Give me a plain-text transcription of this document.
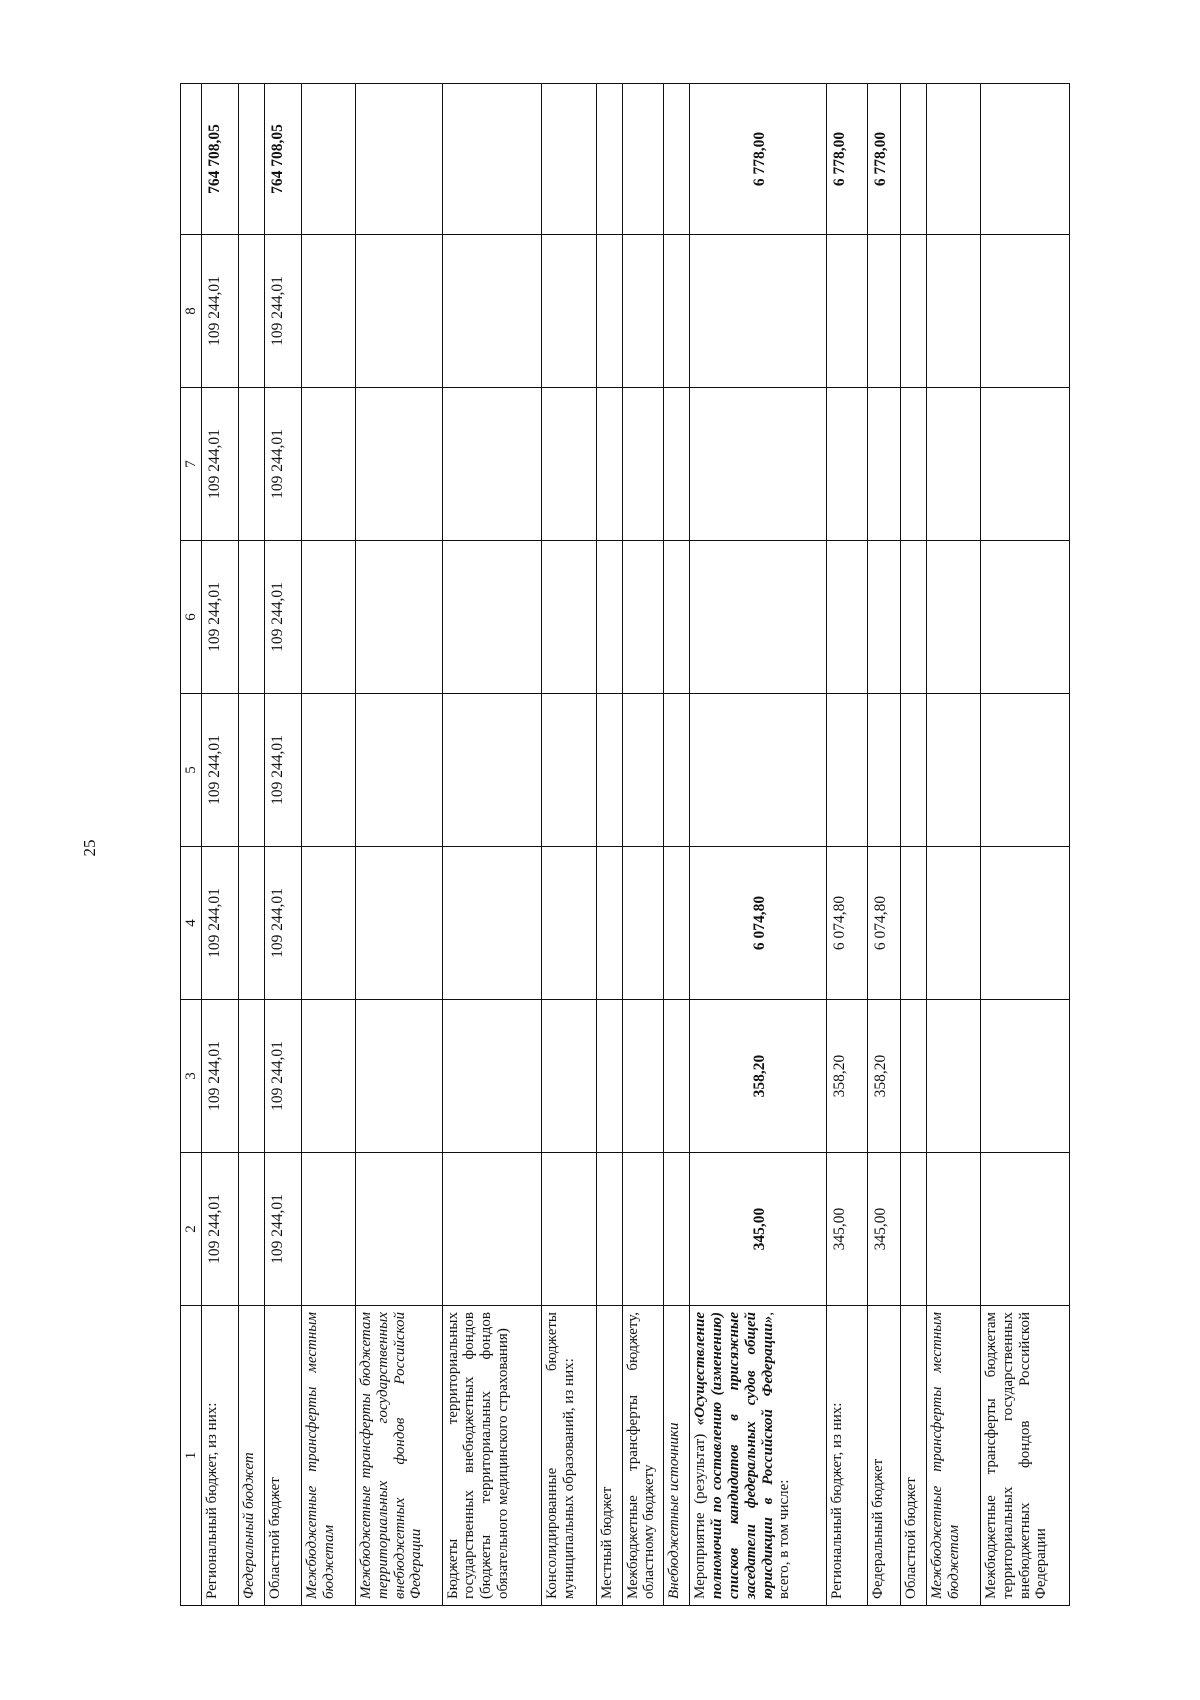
25
1	2	3	4	5	6	7	8	
Региональный бюджет, из них:	109 244,01	109 244,01	109 244,01	109 244,01	109 244,01	109 244,01	109 244,01	764 708,05
Федеральный бюджет								
Областной бюджет	109 244,01	109 244,01	109 244,01	109 244,01	109 244,01	109 244,01	109 244,01	764 708,05
Межбюджетные трансферты местным бюджетам								
Межбюджетные трансферты бюджетам территориальных государственных внебюджетных фондов Российской Федерации								
Бюджеты территориальных государственных внебюджетных фондов (бюджеты территориальных фондов обязательного медицинского страхования)								
Консолидированные бюджеты муниципальных образований, из них:								
Местный бюджет								
Межбюджетные трансферты бюджету, областному бюджету								
Внебюджетные источники								
Мероприятие (результат) «Осуществление полномочий по составлению (изменению) списков кандидатов в присяжные заседатели федеральных судов общей юрисдикции в Российской Федерации», всего, в том числе:	345,00	358,20	6 074,80					6 778,00
Региональный бюджет, из них:	345,00	358,20	6 074,80					6 778,00
Федеральный бюджет	345,00	358,20	6 074,80					6 778,00
Областной бюджет								
Межбюджетные трансферты местным бюджетам								
Межбюджетные трансферты бюджетам территориальных государственных внебюджетных фондов Российской Федерации								
